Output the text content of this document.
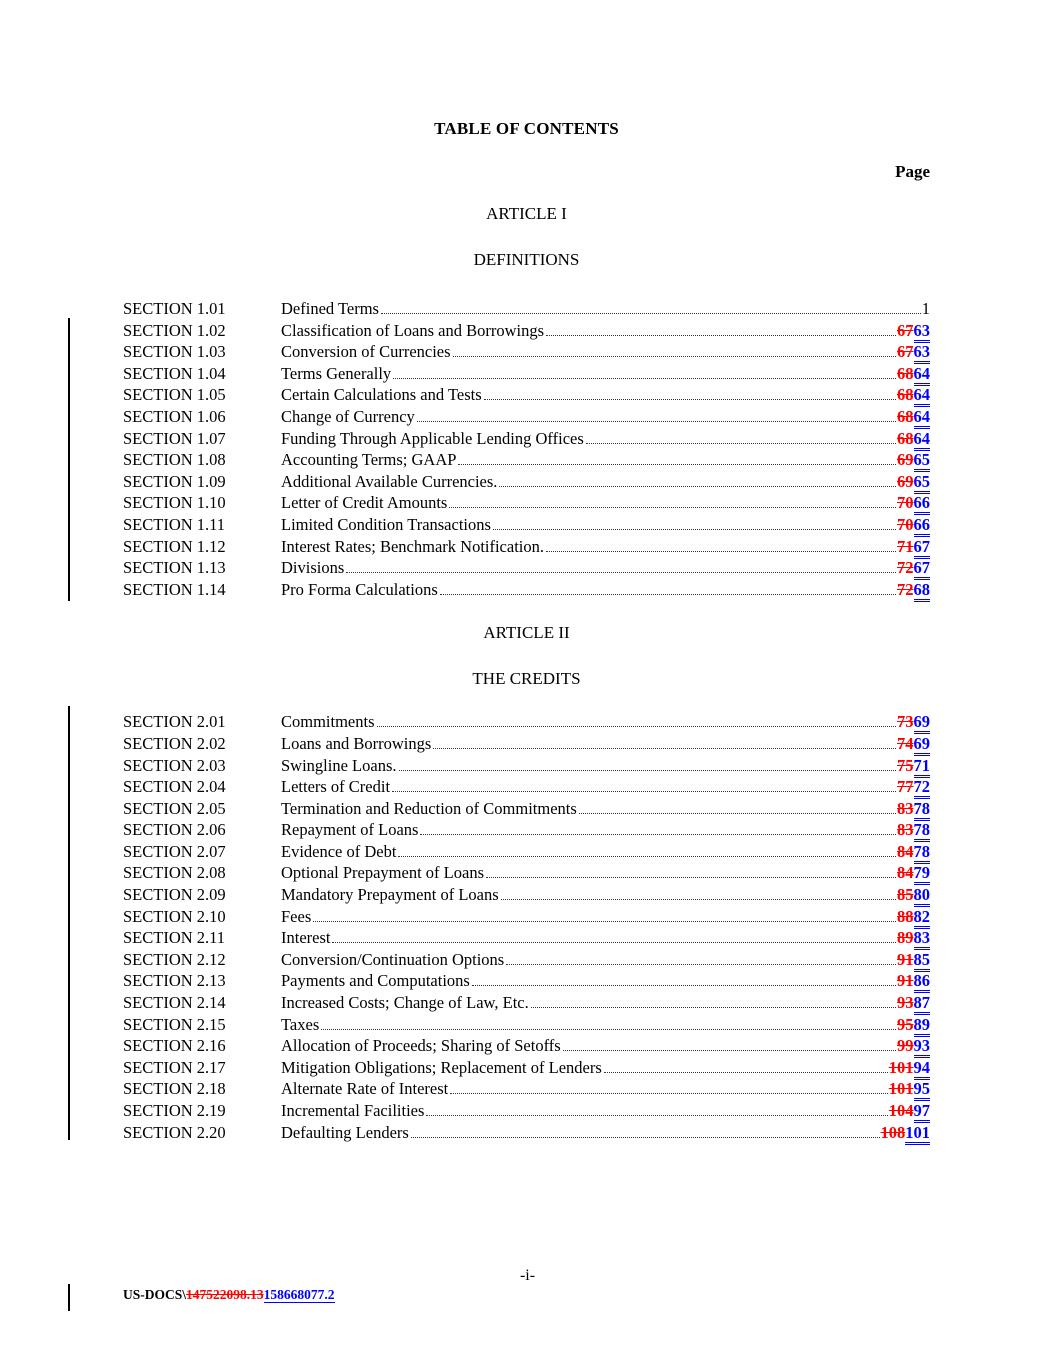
TABLE OF CONTENTS
Page
ARTICLE I
DEFINITIONS
SECTION 1.01	Defined Terms	1
SECTION 1.02	Classification of Loans and Borrowings	6763
SECTION 1.03	Conversion of Currencies	6763
SECTION 1.04	Terms Generally	6864
SECTION 1.05	Certain Calculations and Tests	6864
SECTION 1.06	Change of Currency	6864
SECTION 1.07	Funding Through Applicable Lending Offices	6864
SECTION 1.08	Accounting Terms; GAAP	6965
SECTION 1.09	Additional Available Currencies.	6965
SECTION 1.10	Letter of Credit Amounts	7066
SECTION 1.11	Limited Condition Transactions	7066
SECTION 1.12	Interest Rates; Benchmark Notification.	7167
SECTION 1.13	Divisions	7267
SECTION 1.14	Pro Forma Calculations	7268
ARTICLE II
THE CREDITS
SECTION 2.01	Commitments	7369
SECTION 2.02	Loans and Borrowings	7469
SECTION 2.03	Swingline Loans.	7571
SECTION 2.04	Letters of Credit	7772
SECTION 2.05	Termination and Reduction of Commitments	8378
SECTION 2.06	Repayment of Loans	8378
SECTION 2.07	Evidence of Debt	8478
SECTION 2.08	Optional Prepayment of Loans	8479
SECTION 2.09	Mandatory Prepayment of Loans	8580
SECTION 2.10	Fees	8882
SECTION 2.11	Interest	8983
SECTION 2.12	Conversion/Continuation Options	9185
SECTION 2.13	Payments and Computations	9186
SECTION 2.14	Increased Costs; Change of Law, Etc.	9387
SECTION 2.15	Taxes	9589
SECTION 2.16	Allocation of Proceeds; Sharing of Setoffs	9993
SECTION 2.17	Mitigation Obligations; Replacement of Lenders	10194
SECTION 2.18	Alternate Rate of Interest	10195
SECTION 2.19	Incremental Facilities	10497
SECTION 2.20	Defaulting Lenders	108101
-i-
US-DOCS\147522098.13158668077.2
